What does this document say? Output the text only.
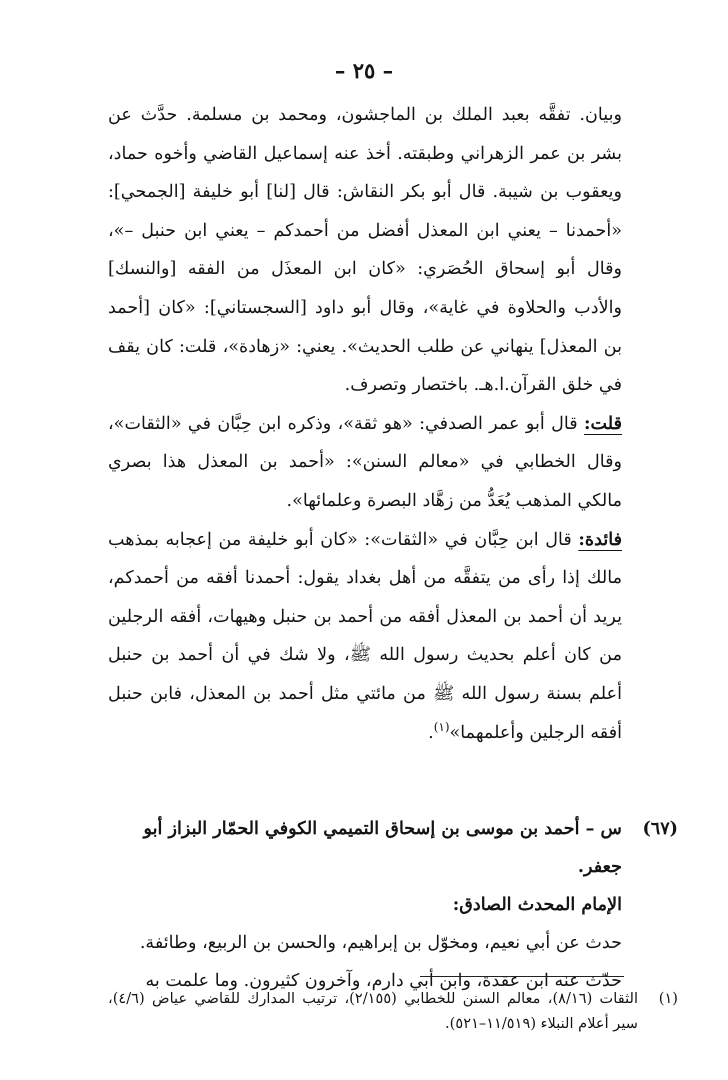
– ٢٥ –

وبيان. تفقَّه بعبد الملك بن الماجشون، ومحمد بن مسلمة. حدَّث عن بشر بن عمر الزهراني وطبقته. أخذ عنه إسماعيل القاضي وأخوه حماد، ويعقوب بن شيبة. قال أبو بكر النقاش: قال [لنا] أبو خليفة [الجمحي]: «أحمدنا – يعني ابن المعذل أفضل من أحمدكم – يعني ابن حنبل –»، وقال أبو إسحاق الحُصَري: «كان ابن المعذَل من الفقه [والنسك] والأدب والحلاوة في غاية»، وقال أبو داود [السجستاني]: «كان [أحمد بن المعذل] ينهاني عن طلب الحديث». يعني: «زهادة»، قلت: كان يقف في خلق القرآن.ا.هـ. باختصار وتصرف.

قلت: قال أبو عمر الصدفي: «هو ثقة»، وذكره ابن حِبَّان في «الثقات»، وقال الخطابي في «معالم السنن»: «أحمد بن المعذل هذا بصري مالكي المذهب يُعَدُّ من زهَّاد البصرة وعلمائها».

فائدة: قال ابن حِبَّان في «الثقات»: «كان أبو خليفة من إعجابه بمذهب مالك إذا رأى من يتفقَّه من أهل بغداد يقول: أحمدنا أفقه من أحمدكم، يريد أن أحمد بن المعذل أفقه من أحمد بن حنبل وهيهات، أفقه الرجلين من كان أعلم بحديث رسول الله ﷺ، ولا شك في أن أحمد بن حنبل أعلم بسنة رسول الله ﷺ من مائتي مثل أحمد بن المعذل، فابن حنبل أفقه الرجلين وأعلمهما»$^{(١)}$.

(٦٧)
س – أحمد بن موسى بن إسحاق التميمي الكوفي الحمّار البزاز أبو جعفر.
الإمام المحدث الصادق:

حدث عن أبي نعيم، ومخوّل بن إبراهيم، والحسن بن الربيع، وطائفة.

حدّث عنه ابن عقدة، وابن أبي دارم، وآخرون كثيرون. وما علمت به

(١)
الثقات (٨/١٦)، معالم السنن للخطابي (٢/١٥٥)، ترتيب المدارك للقاضي عياض (٤/٦)، سير أعلام النبلاء (١١/٥١٩–٥٢١).
